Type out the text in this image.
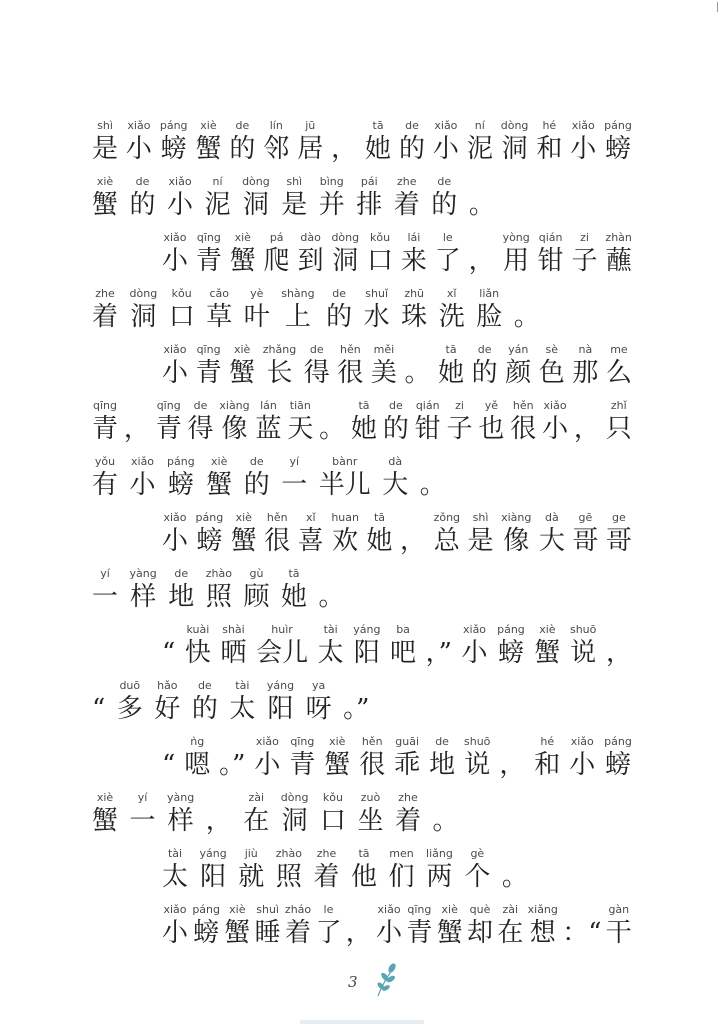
shì
是
xiǎo
小
páng
螃
xiè
蟹
de
的
lín
邻
jū
居 ，
tā
她
de
的
xiǎo
小
ní
泥
dòng
洞
hé
和
xiǎo
小
páng
螃
xiè
蟹
de
的
xiǎo
小
ní
泥
dòng
洞
shì
是
bìng
并
pái
排
zhe
着
de
的 。
xiǎo
小
qīng
青
xiè
蟹
pá
爬
dào
到
dòng
洞
kǒu
口
lái
来
le
了 ，
yòng
用
qián
钳
zi
子
zhàn
蘸
zhe
着
dòng
洞
kǒu
口
cǎo
草
yè
叶
shàng
上
de
的
shuǐ
水
zhū
珠
xǐ
洗
liǎn
脸 。
xiǎo
小
qīng
青
xiè
蟹
zhǎng
长
de
得
hěn
很
měi
美 。
tā
她
de
的
yán
颜
sè
色
nà
那
me
么
qīng
青 ，
qīng
青
de
得
xiàng
像
lán
蓝
tiān
天 。
tā
她
de
的
qián
钳
zi
子
yě
也
hěn
很
xiǎo
小 ，
zhǐ
只
yǒu
有
xiǎo
小
páng
螃
xiè
蟹
de
的
yí
一
bànr
半儿
dà
大 。
xiǎo
小
páng
螃
xiè
蟹
hěn
很
xǐ
喜
huan
欢
tā
她 ，
zǒng
总
shì
是
xiàng
像
dà
大
gē
哥
ge
哥
yí
一
yàng
样
de
地
zhào
照
gù
顾
tā
她 。
“
kuài
快
shài
晒
huìr
会儿
tài
太
yáng
阳
ba
吧 ，”
xiǎo
小
páng
螃
xiè
蟹
shuō
说 ，
“
duō
多
hǎo
好
de
的
tài
太
yáng
阳
ya
呀 。”
“
ǹg
嗯 。”
xiǎo
小
qīng
青
xiè
蟹
hěn
很
guāi
乖
de
地
shuō
说 ，
hé
和
xiǎo
小
páng
螃
xiè
蟹
yí
一
yàng
样 ，
zài
在
dòng
洞
kǒu
口
zuò
坐
zhe
着 。
tài
太
yáng
阳
jiù
就
zhào
照
zhe
着
tā
他
men
们
liǎng
两
gè
个 。
xiǎo
小
páng
螃
xiè
蟹
shuì
睡
zháo
着
le
了 ，
xiǎo
小
qīng
青
xiè
蟹
què
却
zài
在
xiǎng
想 ：“
gàn
干
3
